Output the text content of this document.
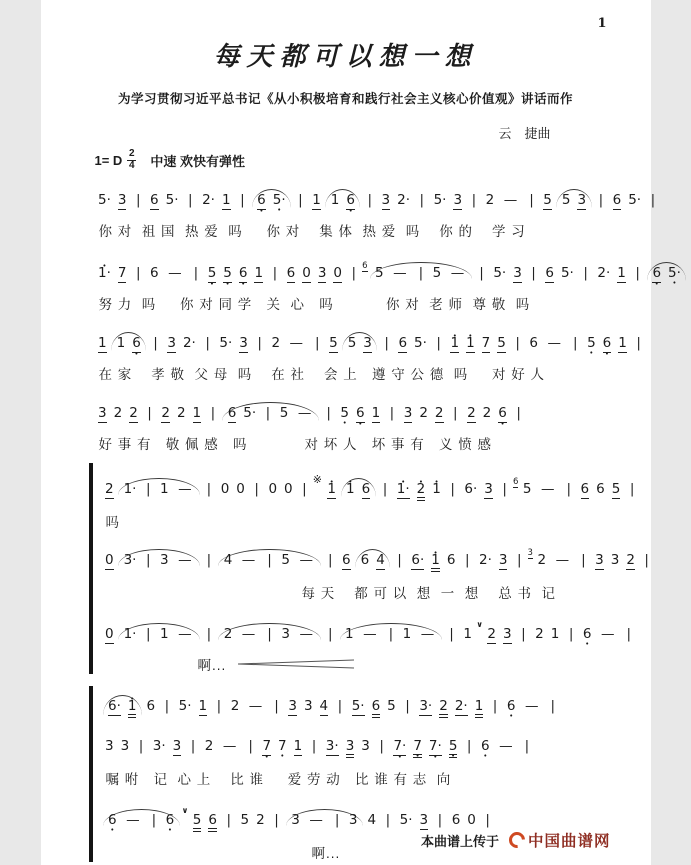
1
每天都可以想一想
为学习贯彻习近平总书记《从小积极培育和践行社会主义核心价值观》讲话而作
云　捷曲
1= D 2
4 中速 欢快有弹性
5· 3 | 6 5· | 2· 1 | 6 • 5· • | 1 1 6 • | 3 2· | 5· 3 | 2 — | 5 5 3 | 6 5· |
你 对  祖 国  热 爱  吗     你 对    集 体  热 爱  吗    你 的    学 习
• 1· 7 | 6 — | 5 • 5 • 6 • 1 | 6 0 3 0 | $^6$ 5 — | 5 — | 5· 3 | 6 5· | 2· 1 | 6 • 5· •
努 力  吗     你 对 同 学   关  心   吗           你 对  老 师  尊 敬  吗
1 1 6 • | 3 2· | 5· 3 | 2 — | 5 5 3 | 6 5· | • 1 • 1 7 5 | 6 — | 5 • 6 • 1 |
在 家    孝 敬  父 母  吗    在 社    会 上   遵 守 公 德  吗     对 好 人
3 2 2 | 2 2 1 | 6 5· | 5 — | 5 • 6 • 1 | 3 2 2 | 2 2 6 • |
好 事 有   敬 佩 感   吗            对 坏 人   坏 事 有   义 愤 感
2 1· | 1 — | 0 0 | 0 0 |※• 1 • 1 6 | • 1· • 2 • 1 | 6· 3 | $^6$ 5 — | 6 6 5 |
吗
0 3· | 3 — | 4 — | 5 — | 6 6 4 | 6· • 1 6 | 2· 3 | $^3$ 2 — | 3 3 2 |
每 天    都 可 以  想  一  想    总 书  记
0 1· | 1 — | 2 — | 3 — | 1 — | 1 — | 1∨2 3 | 2 1 | 6 • — |
啊...
6· • 1 6 | 5· 1 | 2 — | 3 3 4 | 5· 6 5 | 3· 2 2· 1 | 6 • — |
3 3 | 3· 3 | 2 — | 7 • 7 • 1 | 3· 3 3 | 7· • 7 • 7· • 5 • | 6 • — |
嘱 咐   记  心 上    比 谁     爱 劳 动   比 谁 有 志  向
6 • — | 6 •∨5 6 | 5 2 | 3 — | 3 4 | 5· 3 | 6 0 |
啊...
本曲谱上传于 中国曲谱网
